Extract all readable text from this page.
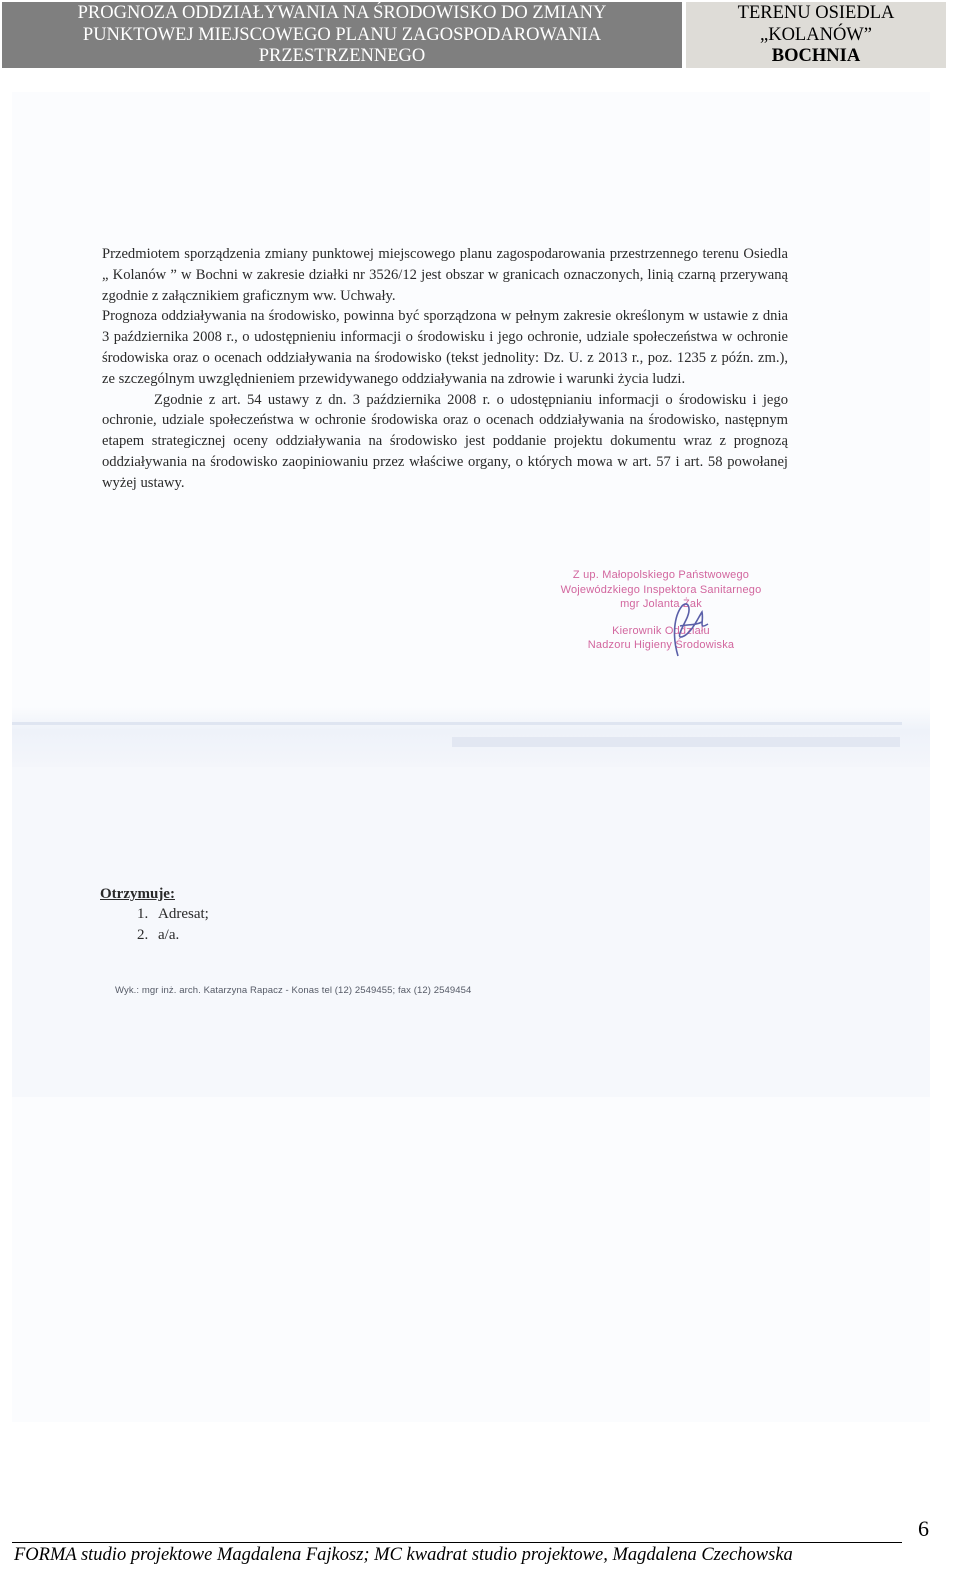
PROGNOZA ODDZIAŁYWANIA NA ŚRODOWISKO DO ZMIANY
PUNKTOWEJ MIEJSCOWEGO PLANU ZAGOSPODAROWANIA
PRZESTRZENNEGO
TERENU OSIEDLA
„KOLANÓW”
BOCHNIA

Przedmiotem sporządzenia zmiany punktowej miejscowego planu zagospodarowania przestrzennego terenu Osiedla „ Kolanów ” w Bochni w zakresie działki nr 3526/12 jest obszar w granicach oznaczonych, linią czarną przerywaną zgodnie z załącznikiem graficznym ww. Uchwały.

Prognoza oddziaływania na środowisko, powinna być sporządzona w pełnym zakresie określonym w ustawie z dnia 3 października 2008 r., o udostępnieniu informacji o środowisku i jego ochronie, udziale społeczeństwa w ochronie środowiska oraz o ocenach oddziaływania na środowisko (tekst jednolity: Dz. U. z 2013 r., poz. 1235 z późn. zm.), ze szczególnym uwzględnieniem przewidywanego oddziaływania na zdrowie i warunki życia ludzi.

Zgodnie z art. 54 ustawy z dn. 3 października 2008 r. o udostępnianiu informacji o środowisku i jego ochronie, udziale społeczeństwa w ochronie środowiska oraz o ocenach oddziaływania na środowisko, następnym etapem strategicznej oceny oddziaływania na środowisko jest poddanie projektu dokumentu wraz z prognozą oddziaływania na środowisko zaopiniowaniu przez właściwe organy, o których mowa w art. 57 i art. 58 powołanej wyżej ustawy.

Z up. Małopolskiego Państwowego
Wojewódzkiego Inspektora Sanitarnego
mgr Jolanta Żak
Kierownik Oddziału
Nadzoru Higieny Środowiska
Otrzymuje:
1. Adresat;
2. a/a.
Wyk.: mgr inż. arch. Katarzyna Rapacz - Konas tel (12) 2549455; fax (12) 2549454
6
FORMA studio projektowe Magdalena Fajkosz; MC kwadrat studio projektowe, Magdalena Czechowska
